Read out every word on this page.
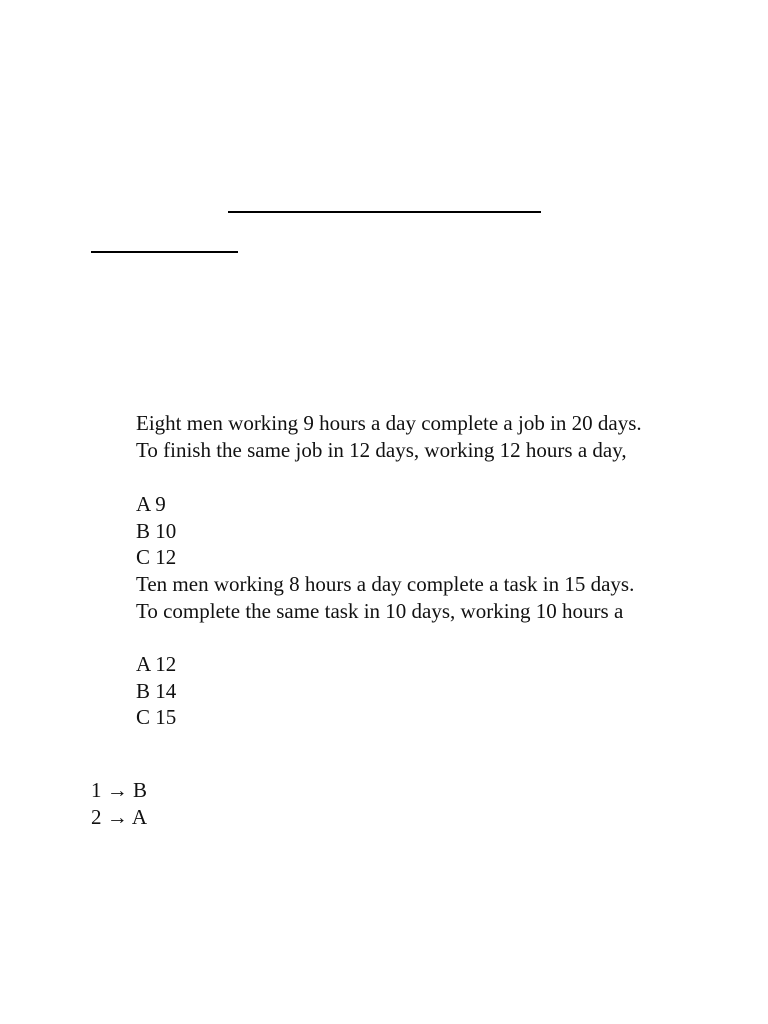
Eight men working 9 hours a day complete a job in 20 days.
To finish the same job in 12 days, working 12 hours a day,
A 9
B 10
C 12
Ten men working 8 hours a day complete a task in 15 days.
To complete the same task in 10 days, working 10 hours a
A 12
B 14
C 15
1 → B
2 → A
